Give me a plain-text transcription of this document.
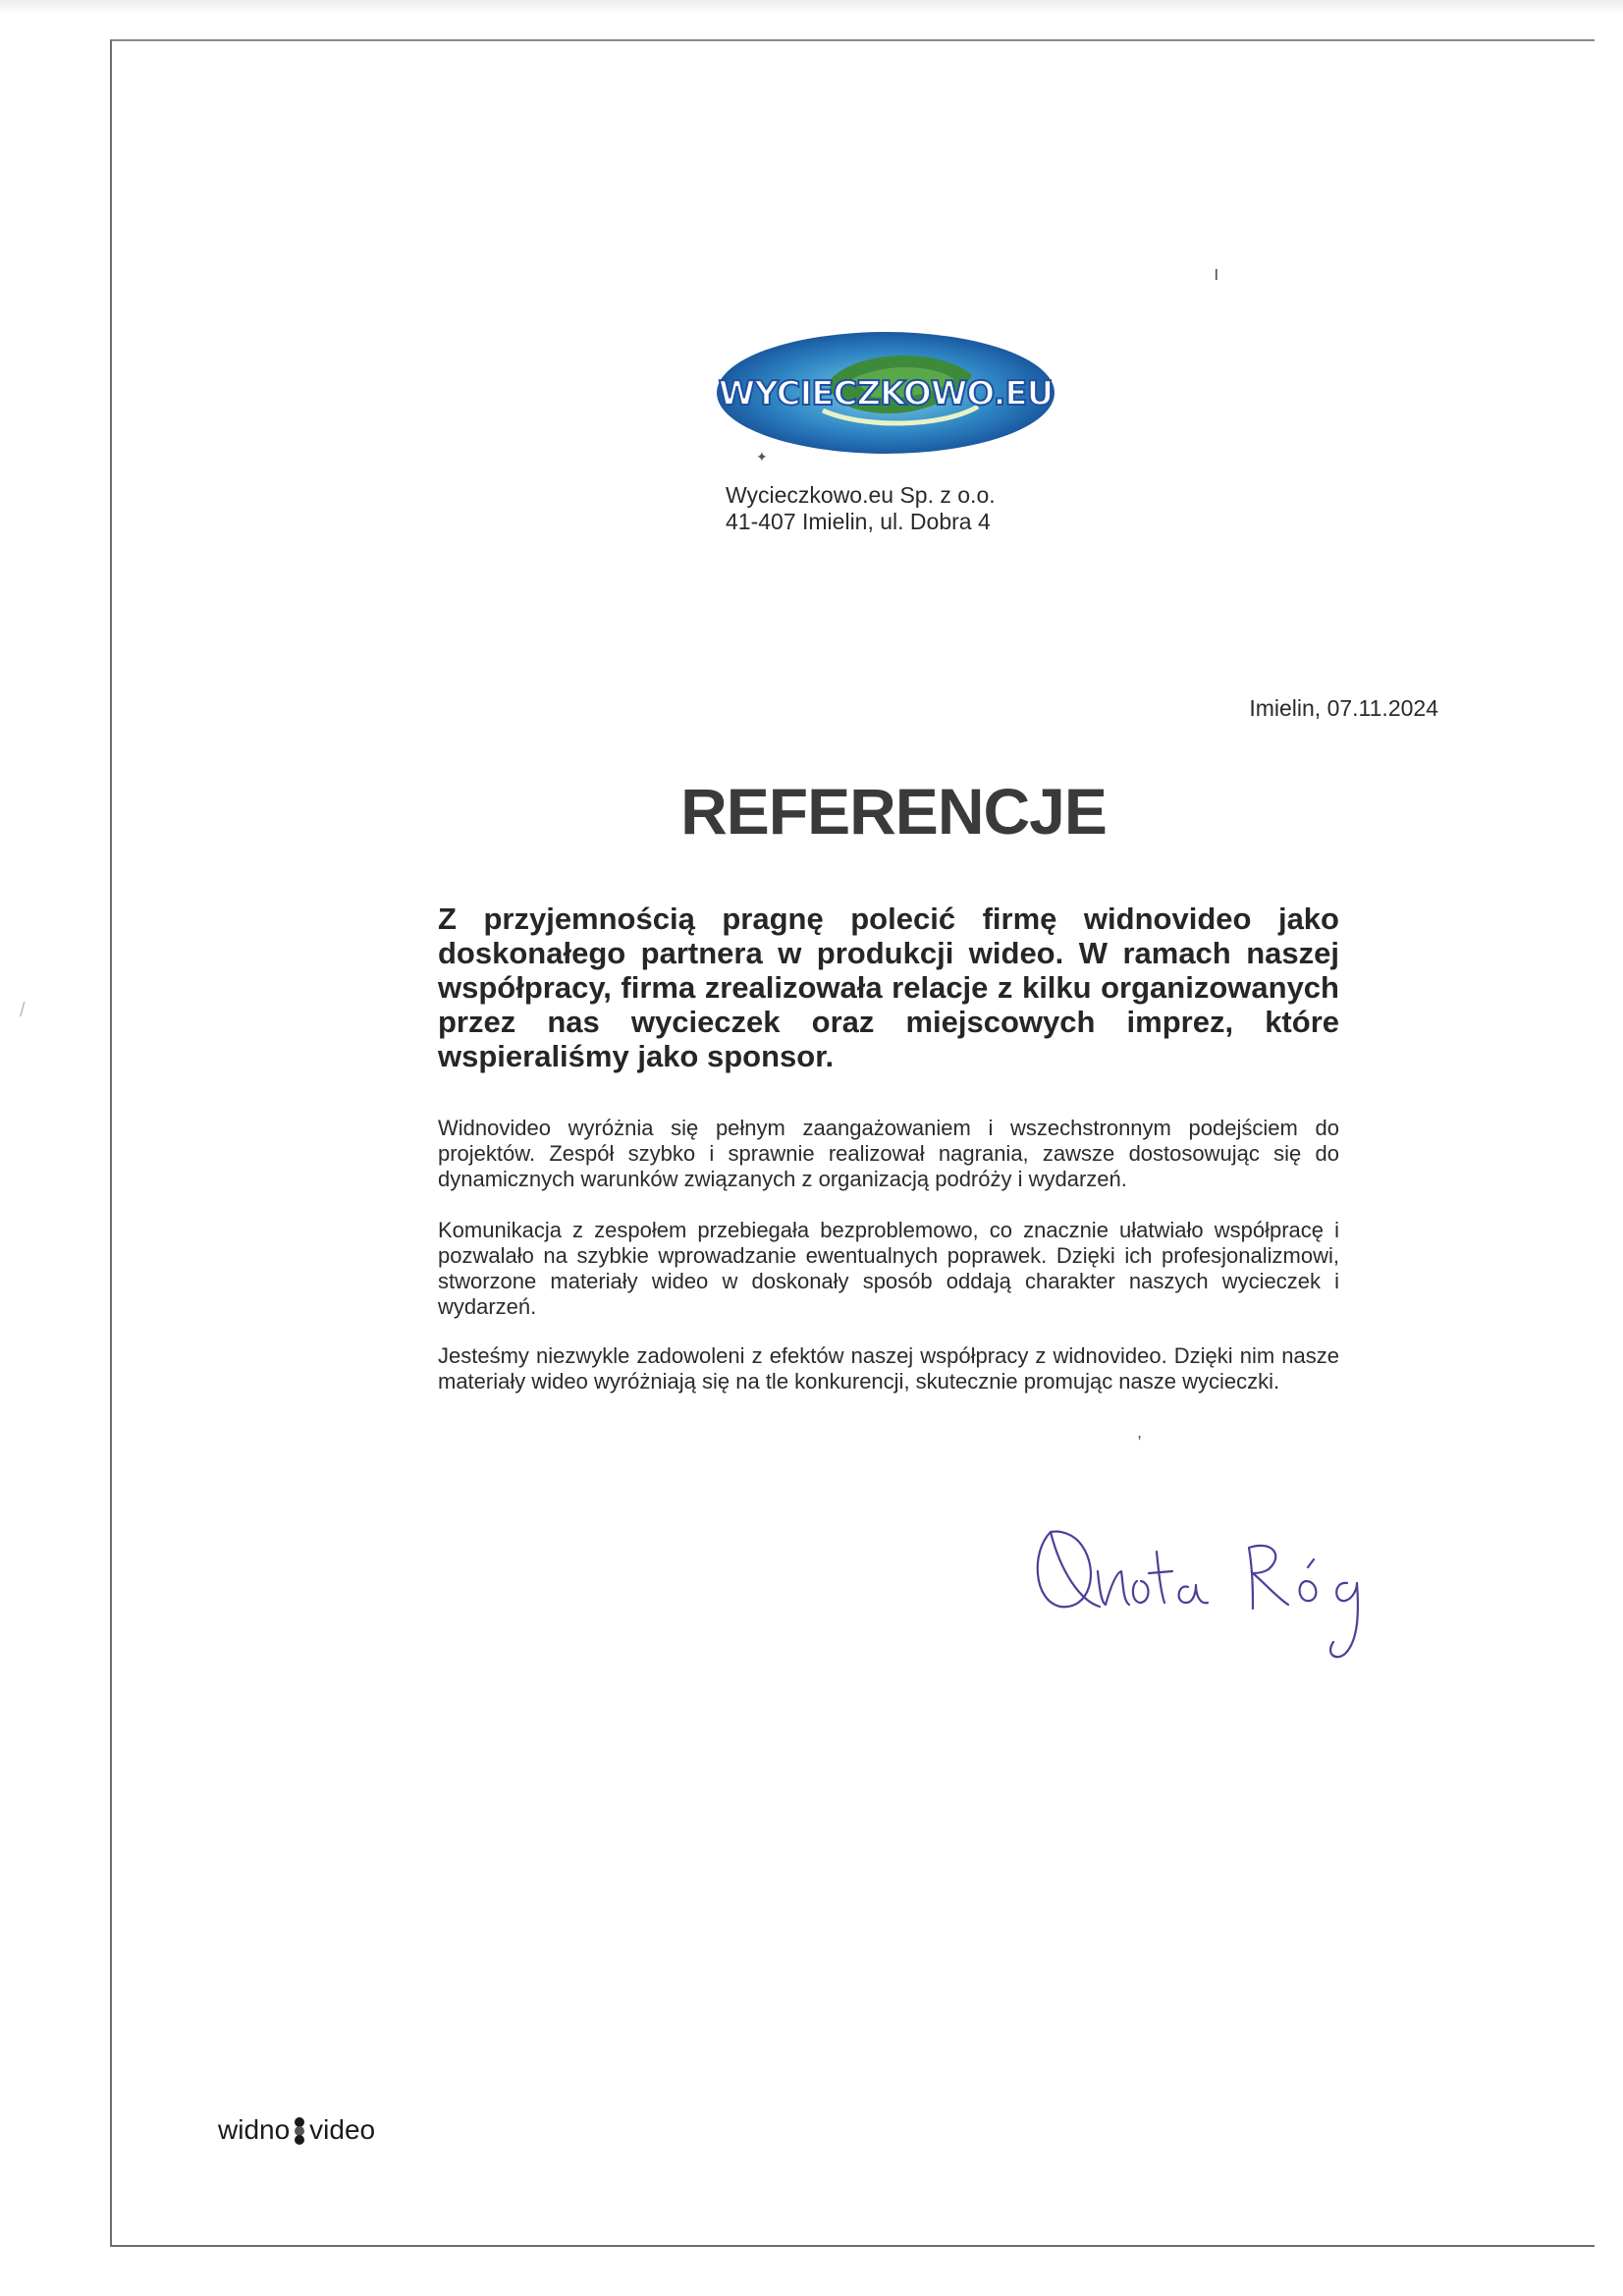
ı
✦
/
,
WYCIECZKOWO.EU
Wycieczkowo.eu Sp. z o.o.
41-407 Imielin, ul. Dobra 4
Imielin, 07.11.2024
REFERENCJE
Z przyjemnością pragnę polecić firmę widnovideo jako doskonałego partnera w produkcji wideo. W ramach naszej współpracy, firma zrealizowała relacje z kilku organizowanych przez nas wycieczek oraz miejscowych imprez, które wspieraliśmy jako sponsor.
Widnovideo wyróżnia się pełnym zaangażowaniem i wszechstronnym podejściem do projektów. Zespół szybko i sprawnie realizował nagrania, zawsze dostosowując się do dynamicznych warunków związanych z organizacją podróży i wydarzeń.
Komunikacja z zespołem przebiegała bezproblemowo, co znacznie ułatwiało współpracę i pozwalało na szybkie wprowadzanie ewentualnych poprawek. Dzięki ich profesjonalizmowi, stworzone materiały wideo w doskonały sposób oddają charakter naszych wycieczek i wydarzeń.
Jesteśmy niezwykle zadowoleni z efektów naszej współpracy z widnovideo. Dzięki nim nasze materiały wideo wyróżniają się na tle konkurencji, skutecznie promując nasze wycieczki.
widno video
